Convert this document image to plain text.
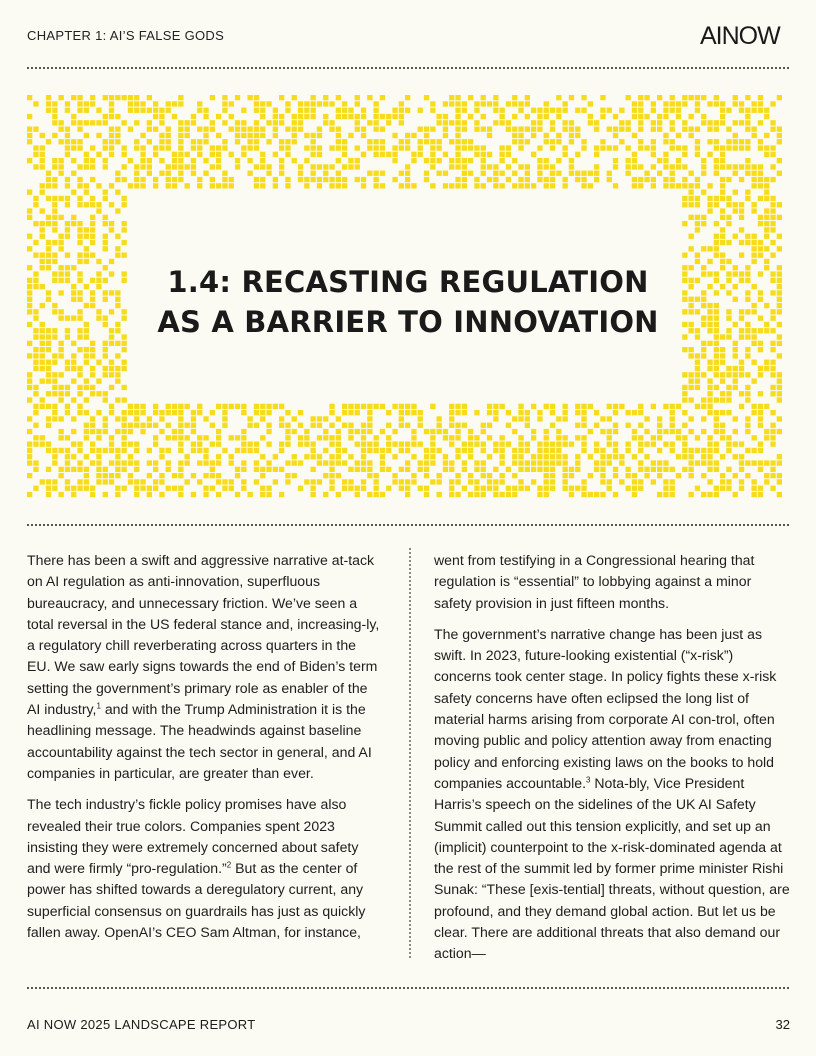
CHAPTER 1: AI’S FALSE GODS	AINOW
1.4: RECASTING REGULATION
AS A BARRIER TO INNOVATION

There has been a swift and aggressive narrative at-tack on AI regulation as anti-innovation, superfluous bureaucracy, and unnecessary friction. We’ve seen a total reversal in the US federal stance and, increasing-ly, a regulatory chill reverberating across quarters in the EU. We saw early signs towards the end of Biden’s term setting the government’s primary role as enabler of the AI industry,$^1$ and with the Trump Administration it is the headlining message. The headwinds against baseline accountability against the tech sector in general, and AI companies in particular, are greater than ever.

The tech industry’s fickle policy promises have also revealed their true colors. Companies spent 2023 insisting they were extremely concerned about safety and were firmly “pro-regulation.”$^2$ But as the center of power has shifted towards a deregulatory current, any superficial consensus on guardrails has just as quickly fallen away. OpenAI’s CEO Sam Altman, for instance,

went from testifying in a Congressional hearing that regulation is “essential” to lobbying against a minor safety provision in just fifteen months.

The government’s narrative change has been just as swift. In 2023, future-looking existential (“x-risk”) concerns took center stage. In policy fights these x-risk safety concerns have often eclipsed the long list of material harms arising from corporate AI con-trol, often moving public and policy attention away from enacting policy and enforcing existing laws on the books to hold companies accountable.$^3$ Nota-bly, Vice President Harris’s speech on the sidelines of the UK AI Safety Summit called out this tension explicitly, and set up an (implicit) counterpoint to the x-risk-dominated agenda at the rest of the summit led by former prime minister Rishi Sunak: “These [exis-tential] threats, without question, are profound, and they demand global action. But let us be clear. There are additional threats that also demand our action—

AI NOW 2025 LANDSCAPE REPORT	32
